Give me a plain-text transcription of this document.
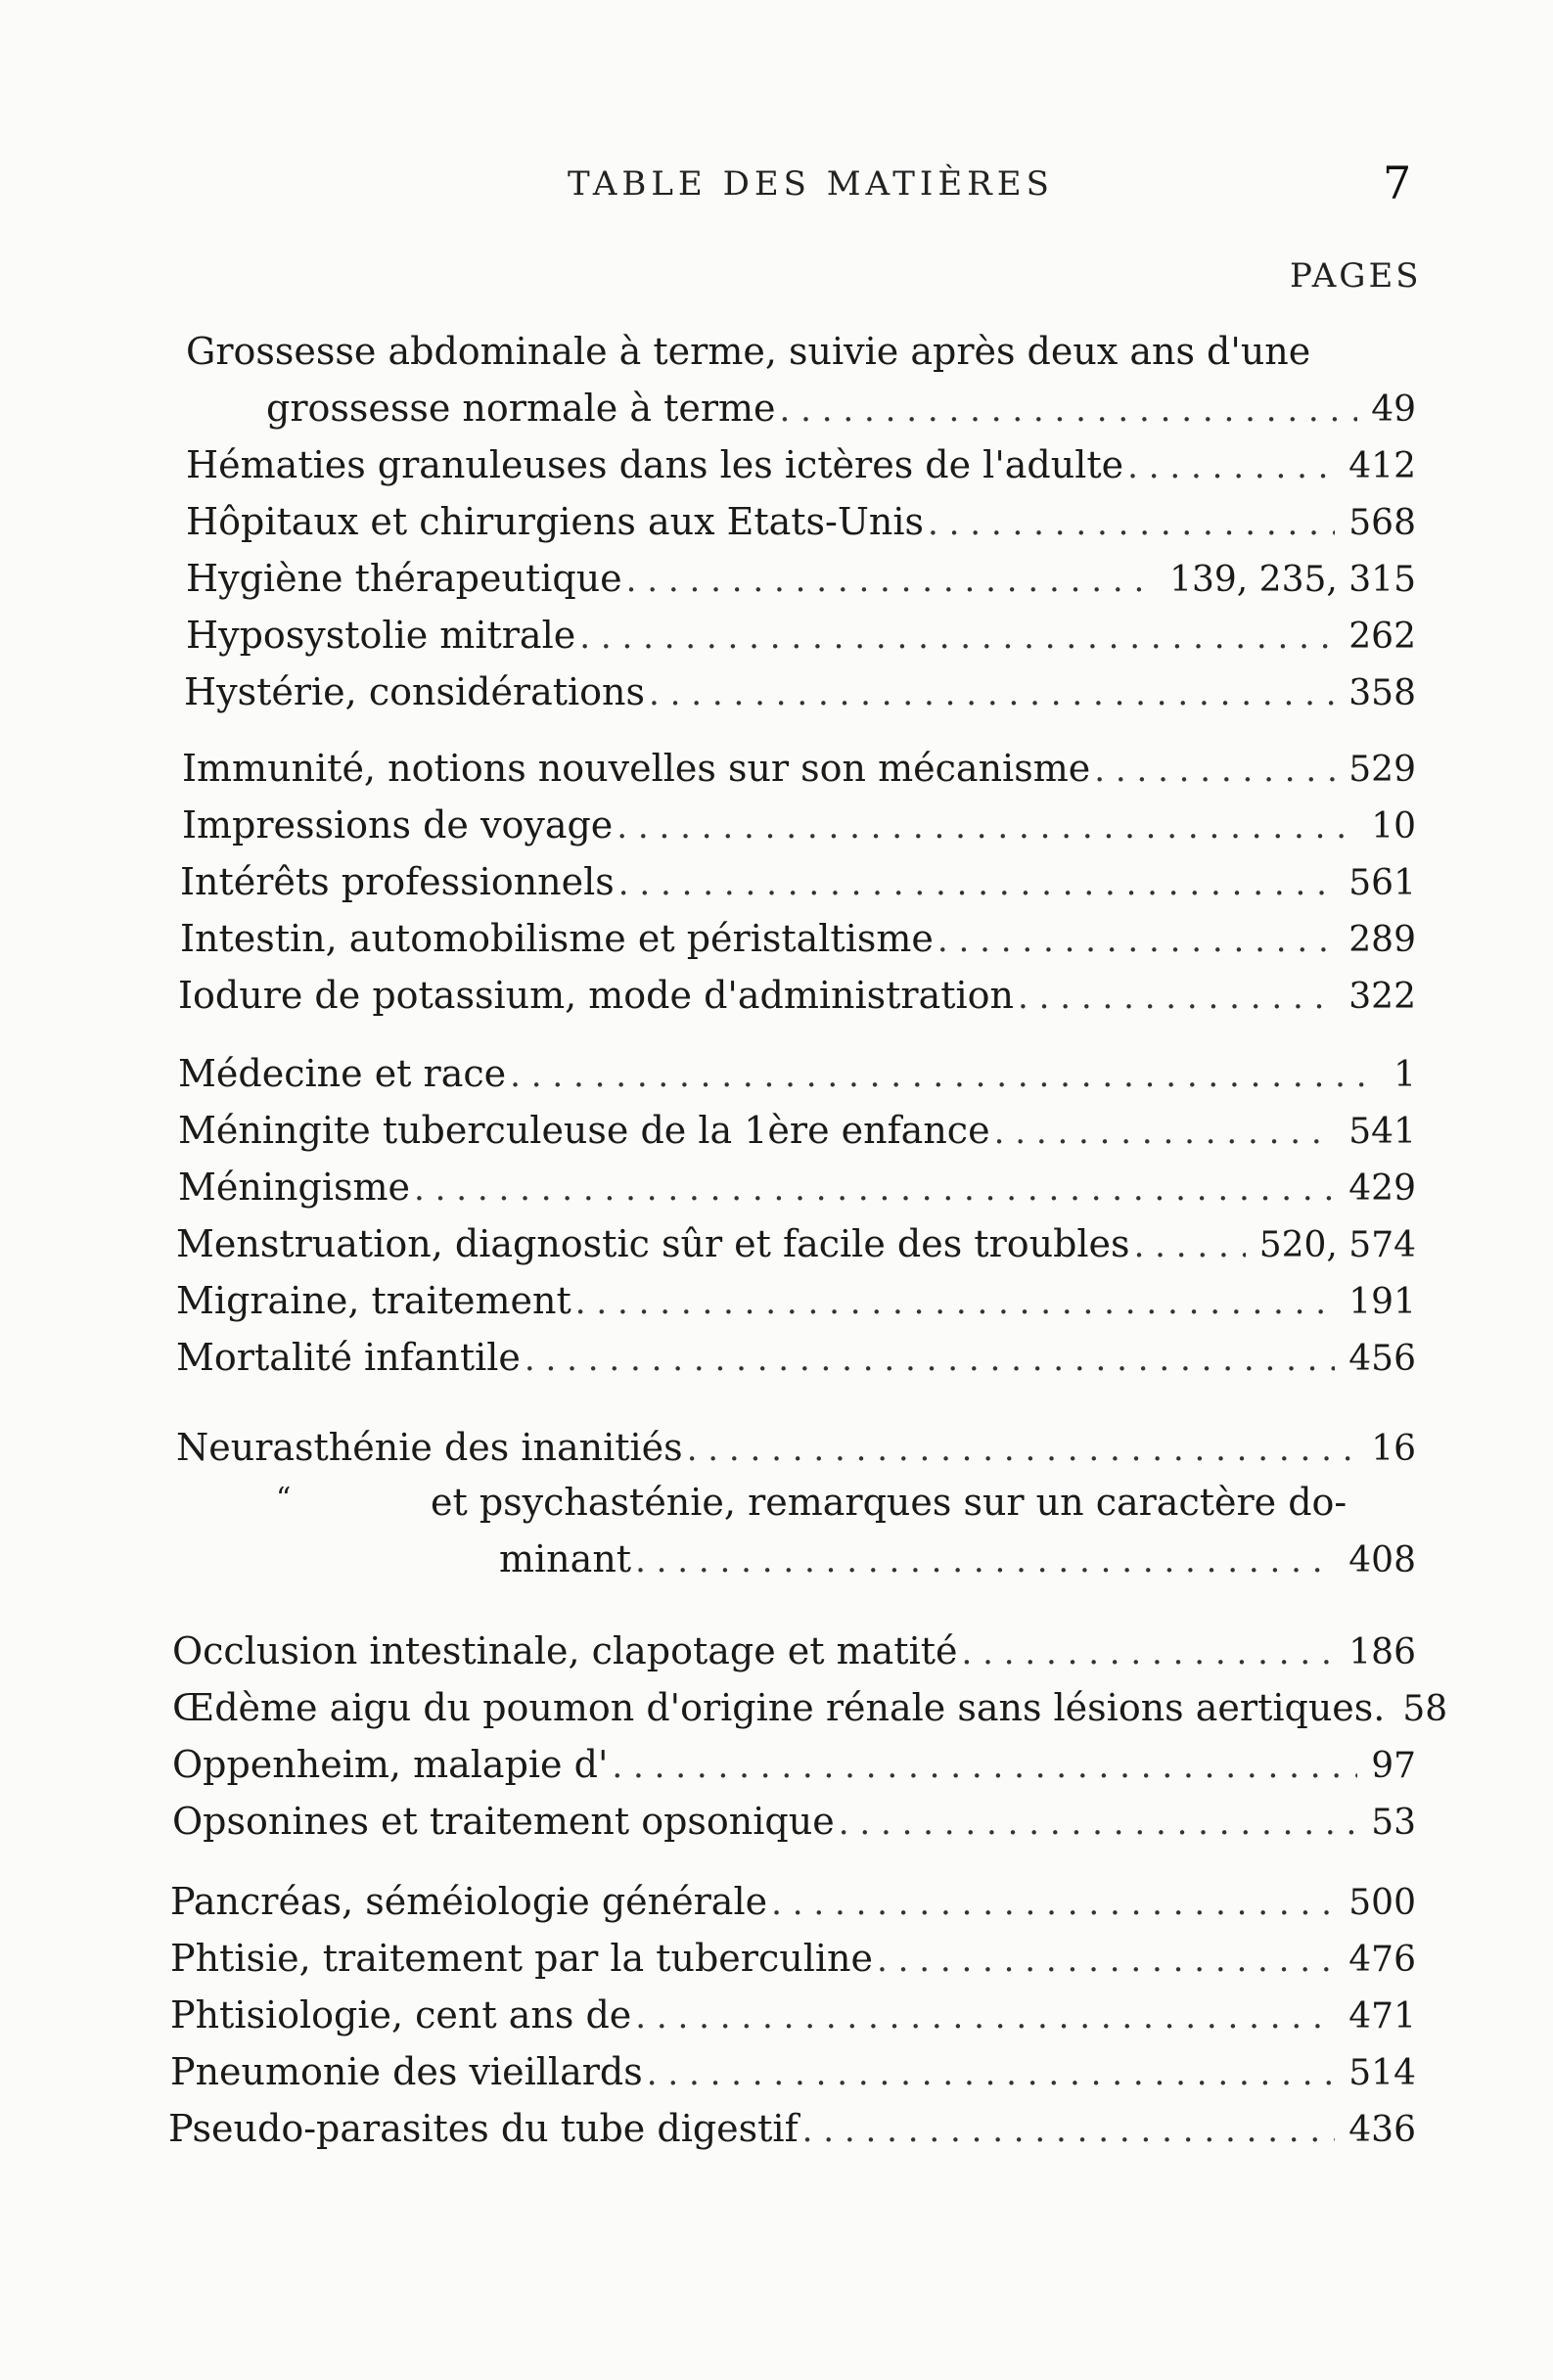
TABLE DES MATIÈRES	7
PAGES
Grossesse abdominale à terme, suivie après deux ans d'une
grossesse normale à terme . . .	49
Hématies granuleuses dans les ictères de l'adulte . . .	412
Hôpitaux et chirurgiens aux Etats-Unis . . .	568
Hygiène thérapeutique . . .	139, 235, 315
Hyposystolie mitrale . . .	262
Hystérie, considérations . . .	358
Immunité, notions nouvelles sur son mécanisme . . .	529
Impressions de voyage . . .	10
Intérêts professionnels . . .	561
Intestin, automobilisme et péristaltisme . . .	289
Iodure de potassium, mode d'administration . . .	322
Médecine et race . . .	1
Méningite tuberculeuse de la 1ère enfance . . .	541
Méningisme . . .	429
Menstruation, diagnostic sûr et facile des troubles . . .	520, 574
Migraine, traitement . . .	191
Mortalité infantile . . .	456
Neurasthénie des inanitiés . . .	16
“	et psychasténie, remarques sur un caractère do-
minant . . .	408
Occlusion intestinale, clapotage et matité . . .	186
Œdème aigu du poumon d'origine rénale sans lésions aertiques. 58
Oppenheim, malapie d' . . .	97
Opsonines et traitement opsonique . . .	53
Pancréas, séméiologie générale . . .	500
Phtisie, traitement par la tuberculine . . .	476
Phtisiologie, cent ans de . . .	471
Pneumonie des vieillards . . .	514
Pseudo-parasites du tube digestif . . .	436
